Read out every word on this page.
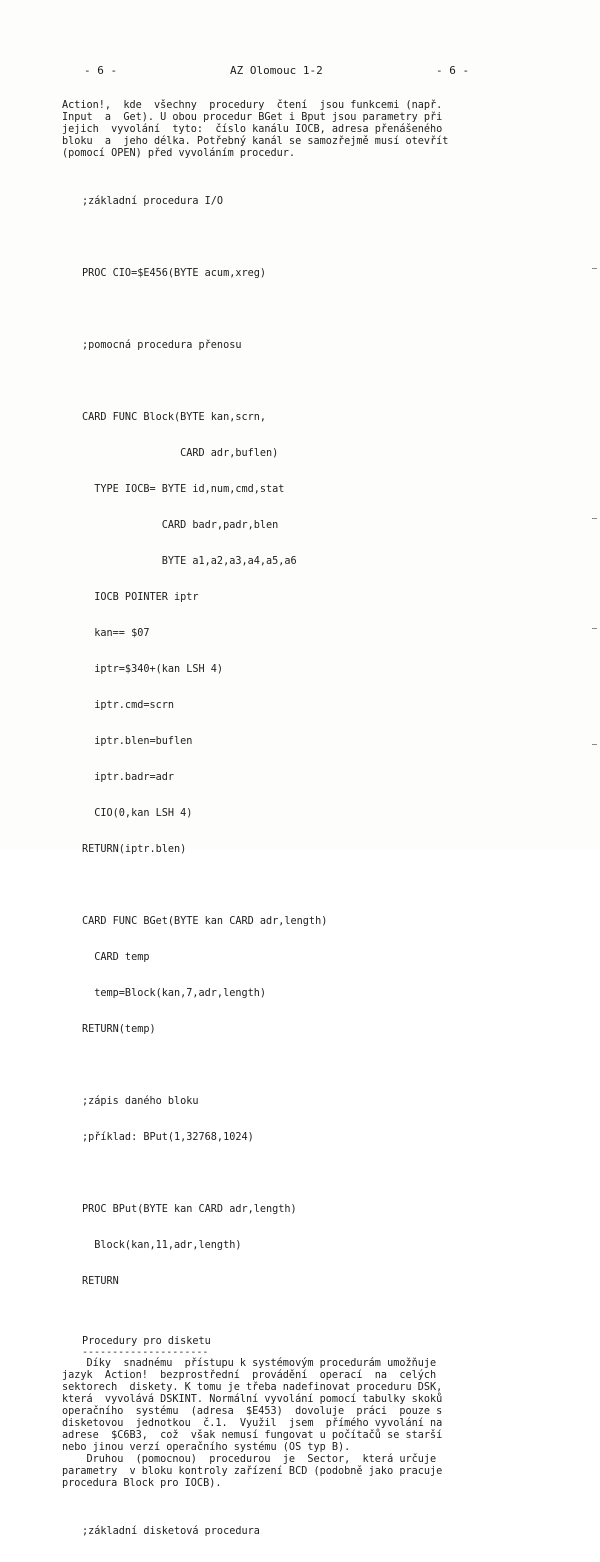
- 6 -	AZ Olomouc 1-2	- 6 -
Action!,  kde  všechny  procedury  čtení  jsou funkcemi (např.
Input  a  Get). U obou procedur BGet i Bput jsou parametry při
jejich  vyvolání  tyto:  číslo kanálu IOCB, adresa přenášeného
bloku  a  jeho délka. Potřebný kanál se samozřejmě musí otevřít
(pomocí OPEN) před vyvoláním procedur.

;základní procedura I/O

PROC CIO=$E456(BYTE acum,xreg)

;pomocná procedura přenosu

CARD FUNC Block(BYTE kan,scrn,

CARD adr,buflen)

TYPE IOCB= BYTE id,num,cmd,stat

CARD badr,padr,blen

BYTE a1,a2,a3,a4,a5,a6

IOCB POINTER iptr

kan== $07

iptr=$340+(kan LSH 4)

iptr.cmd=scrn

iptr.blen=buflen

iptr.badr=adr

CIO(0,kan LSH 4)

RETURN(iptr.blen)

CARD FUNC BGet(BYTE kan CARD adr,length)

CARD temp

temp=Block(kan,7,adr,length)

RETURN(temp)

;zápis daného bloku

;příklad: BPut(1,32768,1024)

PROC BPut(BYTE kan CARD adr,length)

Block(kan,11,adr,length)

RETURN

Procedury pro disketu
---------------------
Díky  snadnému  přístupu k systémovým procedurám umožňuje
jazyk  Action!  bezprostřední  provádění  operací  na  celých
sektorech  diskety. K tomu je třeba nadefinovat proceduru DSK,
která  vyvolává DSKINT. Normální vyvolání pomocí tabulky skoků
operačního  systému  (adresa  $E453)  dovoluje  práci  pouze s
disketovou  jednotkou  č.1.  Využil  jsem  přímého vyvolání na
adrese  $C6B3,  což  však nemusí fungovat u počítačů se starší
nebo jinou verzí operačního systému (OS typ B).
Druhou  (pomocnou)  procedurou  je  Sector,  která určuje
parametry  v bloku kontroly zařízení BCD (podobně jako pracuje
procedura Block pro IOCB).

;základní disketová procedura
